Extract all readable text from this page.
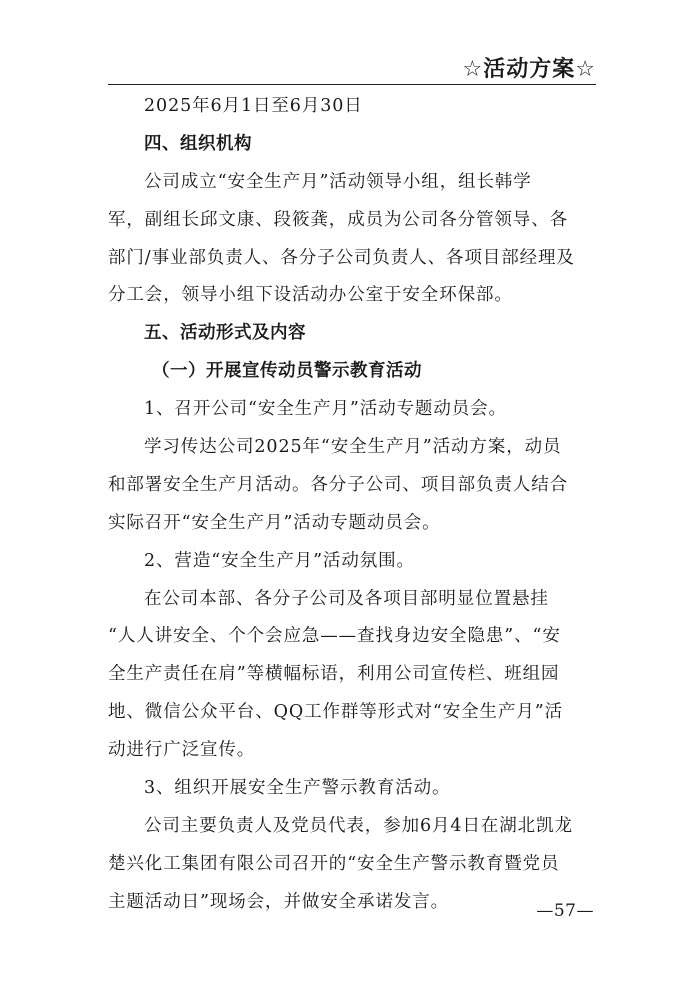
☆活动方案☆
2025年6月1日至6月30日
四、组织机构
公司成立“安全生产月”活动领导小组，组长韩学
军，副组长邱文康、段筱龚，成员为公司各分管领导、各
部门/事业部负责人、各分子公司负责人、各项目部经理及
分工会，领导小组下设活动办公室于安全环保部。
五、活动形式及内容
（一）开展宣传动员警示教育活动
1、召开公司“安全生产月”活动专题动员会。
学习传达公司2025年“安全生产月”活动方案，动员
和部署安全生产月活动。各分子公司、项目部负责人结合
实际召开“安全生产月”活动专题动员会。
2、营造“安全生产月”活动氛围。
在公司本部、各分子公司及各项目部明显位置悬挂
“人人讲安全、个个会应急——查找身边安全隐患”、“安
全生产责任在肩”等横幅标语，利用公司宣传栏、班组园
地、微信公众平台、QQ工作群等形式对“安全生产月”活
动进行广泛宣传。
3、组织开展安全生产警示教育活动。
公司主要负责人及党员代表，参加6月4日在湖北凯龙
楚兴化工集团有限公司召开的“安全生产警示教育暨党员
主题活动日”现场会，并做安全承诺发言。	—57—
